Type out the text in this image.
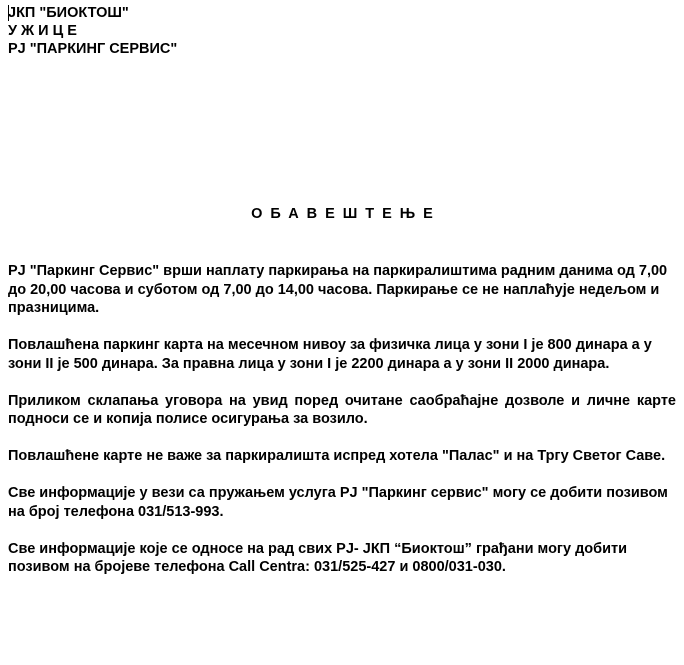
JКП "БИОКТОШ"
У Ж И Ц Е
PJ "ПАРКИНГ СЕРВИС"
ОБАВЕШТЕЊЕ

PJ "Паркинг Сервис" врши наплату паркирања на паркиралиштима радним данима од 7,00 до 20,00 часова и суботом од 7,00 до 14,00 часова. Паркирање се не наплаћује недељом и празницима.

Повлашћена паркинг карта на месечном нивоу за физичка лица у зони I је 800 динара а у зони II је 500 динара. За правна лица у зони I је 2200 динара а у зони II 2000 динара.

Приликом склапања уговора на увид поред очитане саобраћајне дозволе и личне карте подноси се и копија полисе осигурања за возило.

Повлашћене карте не важе за паркиралишта испред хотела "Палас" и на Тргу Светог Саве.

Све информације у вези са пружањем услуга PJ "Паркинг сервис" могу се добити позивом на број телефона 031/513-993.

Све информације које се односе на рад свих PJ- ЈКП “Биоктош” грађани могу добити позивом на бројеве телефона Call Centra: 031/525-427 и 0800/031-030.
